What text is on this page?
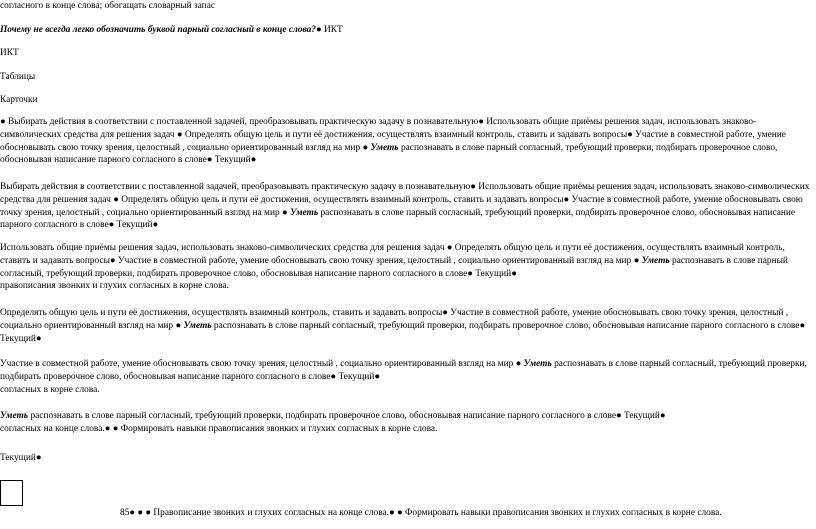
согласного в конце слова; обогащать словарный запас
Почему не всегда легко обозначить буквой парный согласный в конце слова?● ИКТ
ИКТ
Таблицы
Карточки
● Выбирать действия в соответствии с поставленной задачей, преобразовывать практическую задачу в познавательную● Использовать общие приёмы решения задач, использовать знаково-символических средства для решения задач ● Определять общую цель и пути её достижения, осуществлять взаимный контроль, ставить и задавать вопросы● Участие в совместной работе, умение обосновывать свою точку зрения, целостный , социально ориентированный взгляд на мир ● Уметь распознавать в слове парный согласный, требующий проверки, подбирать проверочное слово, обосновывая написание парного согласного в слове● Текущий●
Выбирать действия в соответствии с поставленной задачей, преобразовывать практическую задачу в познавательную● Использовать общие приёмы решения задач, использовать знаково-символических средства для решения задач ● Определять общую цель и пути её достижения, осуществлять взаимный контроль, ставить и задавать вопросы● Участие в совместной работе, умение обосновывать свою точку зрения, целостный , социально ориентированный взгляд на мир ● Уметь распознавать в слове парный согласный, требующий проверки, подбирать проверочное слово, обосновывая написание парного согласного в слове● Текущий●
Использовать общие приёмы решения задач, использовать знаково-символических средства для решения задач ● Определять общую цель и пути её достижения, осуществлять взаимный контроль, ставить и задавать вопросы● Участие в совместной работе, умение обосновывать свою точку зрения, целостный , социально ориентированный взгляд на мир ● Уметь распознавать в слове парный согласный, требующий проверки, подбирать проверочное слово, обосновывая написание парного согласного в слове● Текущий●
правописания звонких и глухих согласных в корне слова.
Определять общую цель и пути её достижения, осуществлять взаимный контроль, ставить и задавать вопросы● Участие в совместной работе, умение обосновывать свою точку зрения, целостный , социально ориентированный взгляд на мир ● Уметь распознавать в слове парный согласный, требующий проверки, подбирать проверочное слово, обосновывая написание парного согласного в слове● Текущий●
Участие в совместной работе, умение обосновывать свою точку зрения, целостный , социально ориентированный взгляд на мир ● Уметь распознавать в слове парный согласный, требующий проверки, подбирать проверочное слово, обосновывая написание парного согласного в слове● Текущий●
согласных в корне слова.
Уметь распознавать в слове парный согласный, требующий проверки, подбирать проверочное слово, обосновывая написание парного согласного в слове● Текущий●
согласных на конце слова.● ● Формировать навыки правописания звонких и глухих согласных в корне слова.
Текущий●
85● ● ● Правописание звонких и глухих согласных на конце слова.● ● Формировать навыки правописания звонких и глухих согласных в корне слова.
